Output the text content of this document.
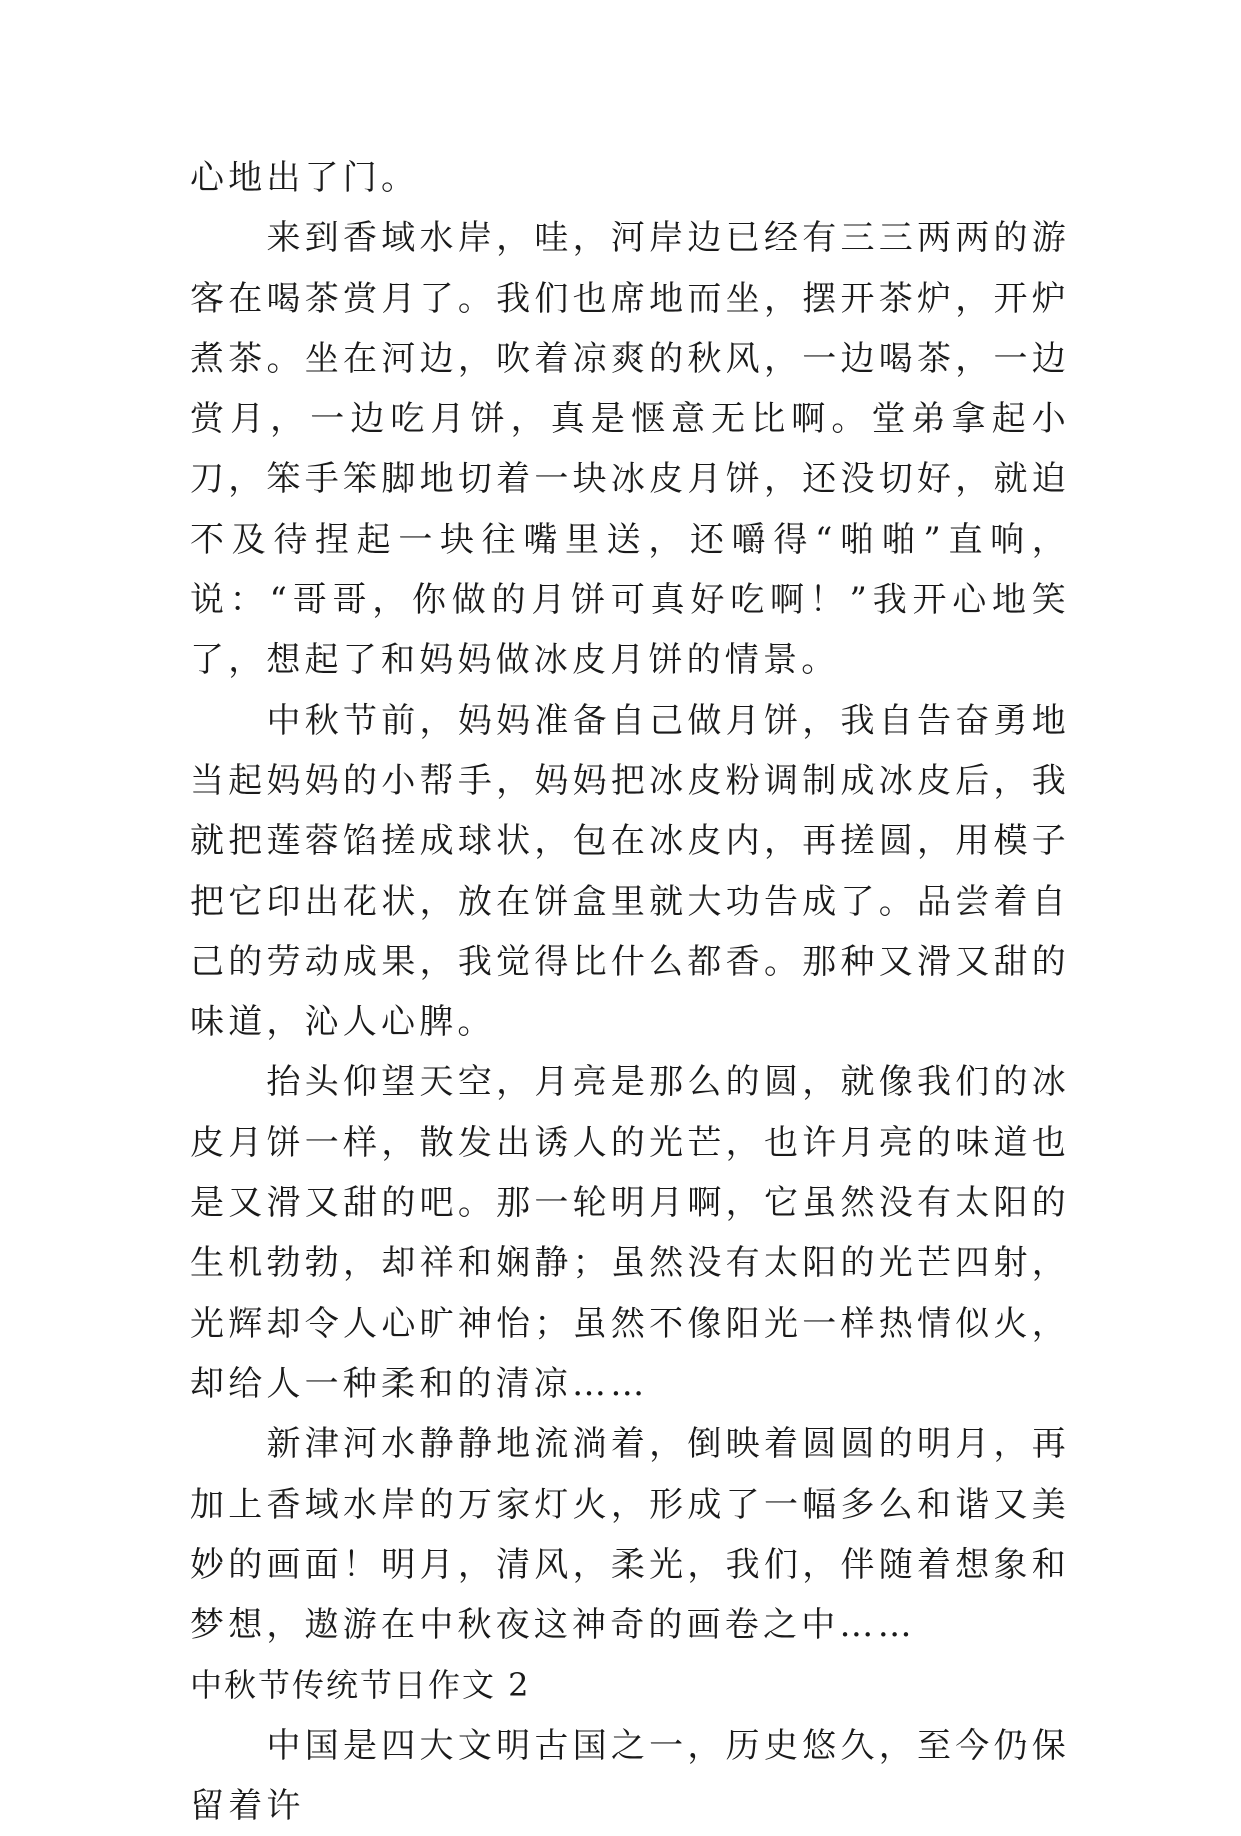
心地出了门。

来到香域水岸，哇，河岸边已经有三三两两的游客在喝茶赏月了。我们也席地而坐，摆开茶炉，开炉煮茶。坐在河边，吹着凉爽的秋风，一边喝茶，一边赏月，一边吃月饼，真是惬意无比啊。堂弟拿起小刀，笨手笨脚地切着一块冰皮月饼，还没切好，就迫不及待捏起一块往嘴里送，还嚼得“啪啪”直响，说：“哥哥，你做的月饼可真好吃啊！”我开心地笑了，想起了和妈妈做冰皮月饼的情景。

中秋节前，妈妈准备自己做月饼，我自告奋勇地当起妈妈的小帮手，妈妈把冰皮粉调制成冰皮后，我就把莲蓉馅搓成球状，包在冰皮内，再搓圆，用模子把它印出花状，放在饼盒里就大功告成了。品尝着自己的劳动成果，我觉得比什么都香。那种又滑又甜的味道，沁人心脾。

抬头仰望天空，月亮是那么的圆，就像我们的冰皮月饼一样，散发出诱人的光芒，也许月亮的味道也是又滑又甜的吧。那一轮明月啊，它虽然没有太阳的生机勃勃，却祥和娴静；虽然没有太阳的光芒四射，光辉却令人心旷神怡；虽然不像阳光一样热情似火，却给人一种柔和的清凉……

新津河水静静地流淌着，倒映着圆圆的明月，再加上香域水岸的万家灯火，形成了一幅多么和谐又美妙的画面！明月，清风，柔光，我们，伴随着想象和梦想，遨游在中秋夜这神奇的画卷之中……

中秋节传统节日作文 2

中国是四大文明古国之一，历史悠久，至今仍保留着许
